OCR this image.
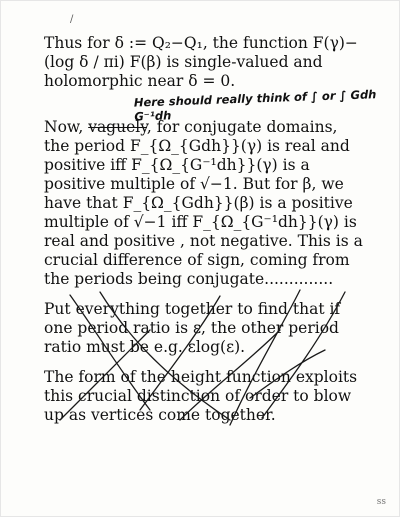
/

Thus for δ := Q₂−Q₁, the function F(γ)− (log δ / πi) F(β) is single-valued and holomorphic near δ = 0.

Now, vaguely, for conjugate domains, the period F_{Ω_{Gdh}}(γ) is real and positive iff F_{Ω_{G⁻¹dh}}(γ) is a positive multiple of √−1. But for β, we have that F_{Ω_{Gdh}}(β) is a positive multiple of √−1 iff F_{Ω_{G⁻¹dh}}(γ) is real and positive , not negative. This is a crucial difference of sign, coming from the periods being conjugate..............

Put everything together to find that if one period ratio is ε, the other period ratio must be e.g. εlog(ε).

The form of the height function exploits this crucial distinction of order to blow up as vertices come together.

Here should really think of ∫ or ∫ Gdh G⁻¹dh
ss
